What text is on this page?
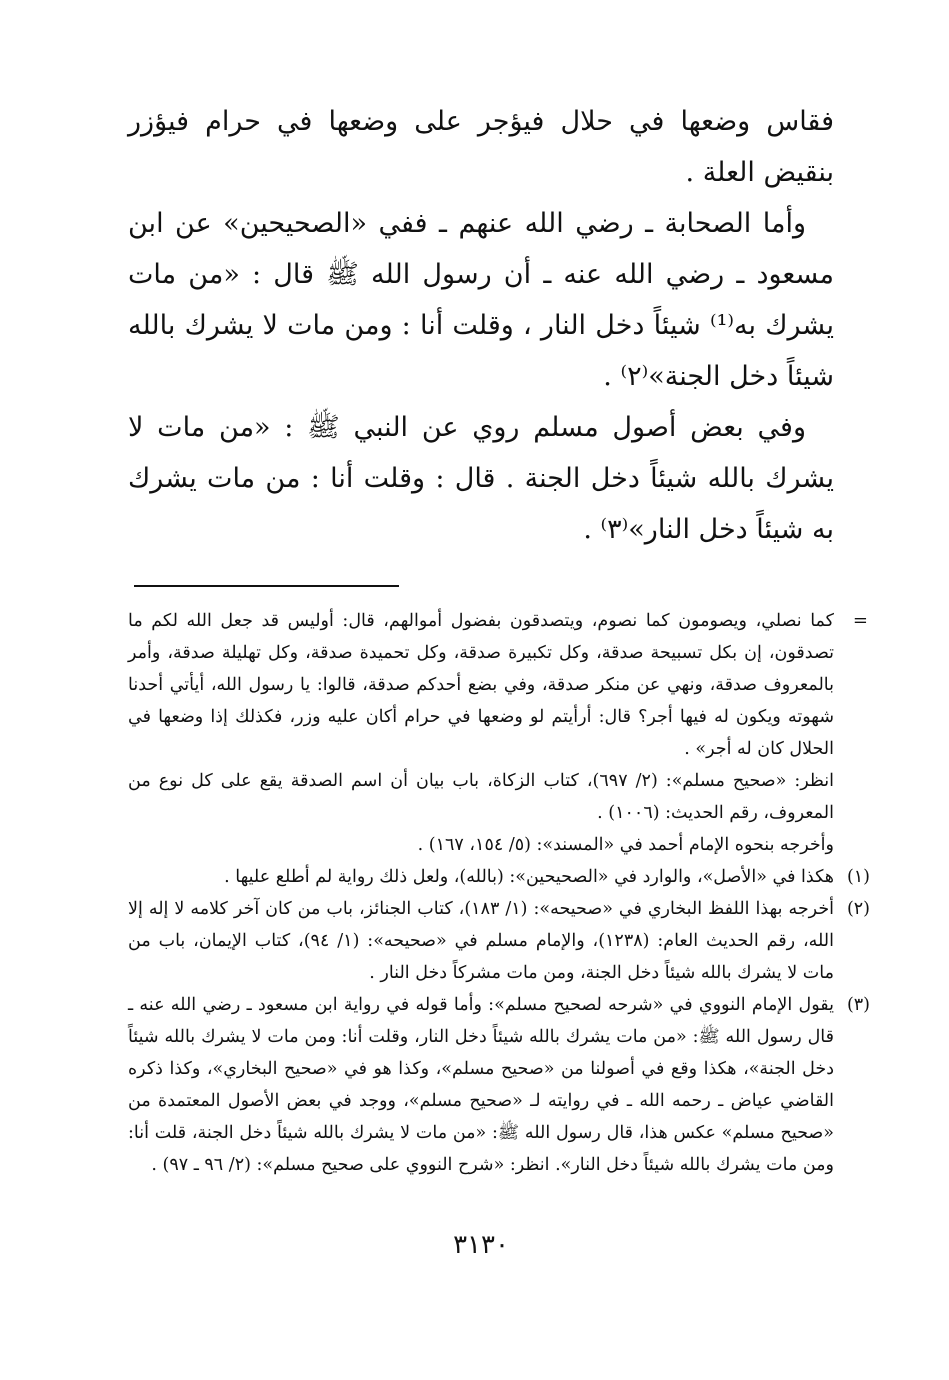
فقاس وضعها في حلال فيؤجر على وضعها في حرام فيؤزر بنقيض العلة .

وأما الصحابة ـ رضي الله عنهم ـ ففي «الصحيحين» عن ابن مسعود ـ رضي الله عنه ـ أن رسول الله ﷺ قال : «من مات يشرك به⁽¹⁾ شيئاً دخل النار ، وقلت أنا : ومن مات لا يشرك بالله شيئاً دخل الجنة»⁽٢⁾ .

وفي بعض أصول مسلم روي عن النبي ﷺ : «من مات لا يشرك بالله شيئاً دخل الجنة . قال : وقلت أنا : من مات يشرك به شيئاً دخل النار»⁽٣⁾ .

=

كما نصلي، ويصومون كما نصوم، ويتصدقون بفضول أموالهم، قال: أوليس قد جعل الله لكم ما تصدقون، إن بكل تسبيحة صدقة، وكل تكبيرة صدقة، وكل تحميدة صدقة، وكل تهليلة صدقة، وأمر بالمعروف صدقة، ونهي عن منكر صدقة، وفي بضع أحدكم صدقة، قالوا: يا رسول الله، أيأتي أحدنا شهوته ويكون له فيها أجر؟ قال: أرأيتم لو وضعها في حرام أكان عليه وزر، فكذلك إذا وضعها في الحلال كان له أجر» .

انظر: «صحيح مسلم»: (٢/ ٦٩٧)، كتاب الزكاة، باب بيان أن اسم الصدقة يقع على كل نوع من المعروف، رقم الحديث: (١٠٠٦) .

وأخرجه بنحوه الإمام أحمد في «المسند»: (٥/ ١٥٤، ١٦٧) .

(١)

هكذا في «الأصل»، والوارد في «الصحيحين»: (بالله)، ولعل ذلك رواية لم أطلع عليها .

(٢)

أخرجه بهذا اللفظ البخاري في «صحيحه»: (١/ ١٨٣)، كتاب الجنائز، باب من كان آخر كلامه لا إله إلا الله، رقم الحديث العام: (١٢٣٨)، والإمام مسلم في «صحيحه»: (١/ ٩٤)، كتاب الإيمان، باب من مات لا يشرك بالله شيئاً دخل الجنة، ومن مات مشركاً دخل النار .

(٣)

يقول الإمام النووي في «شرحه لصحيح مسلم»: وأما قوله في رواية ابن مسعود ـ رضي الله عنه ـ قال رسول الله ﷺ: «من مات يشرك بالله شيئاً دخل النار، وقلت أنا: ومن مات لا يشرك بالله شيئاً دخل الجنة»، هكذا وقع في أصولنا من «صحيح مسلم»، وكذا هو في «صحيح البخاري»، وكذا ذكره القاضي عياض ـ رحمه الله ـ في روايته لـ «صحيح مسلم»، ووجد في بعض الأصول المعتمدة من «صحيح مسلم» عكس هذا، قال رسول الله ﷺ: «من مات لا يشرك بالله شيئاً دخل الجنة، قلت أنا: ومن مات يشرك بالله شيئاً دخل النار». انظر: «شرح النووي على صحيح مسلم»: (٢/ ٩٦ ـ ٩٧) .

٣١٣٠
